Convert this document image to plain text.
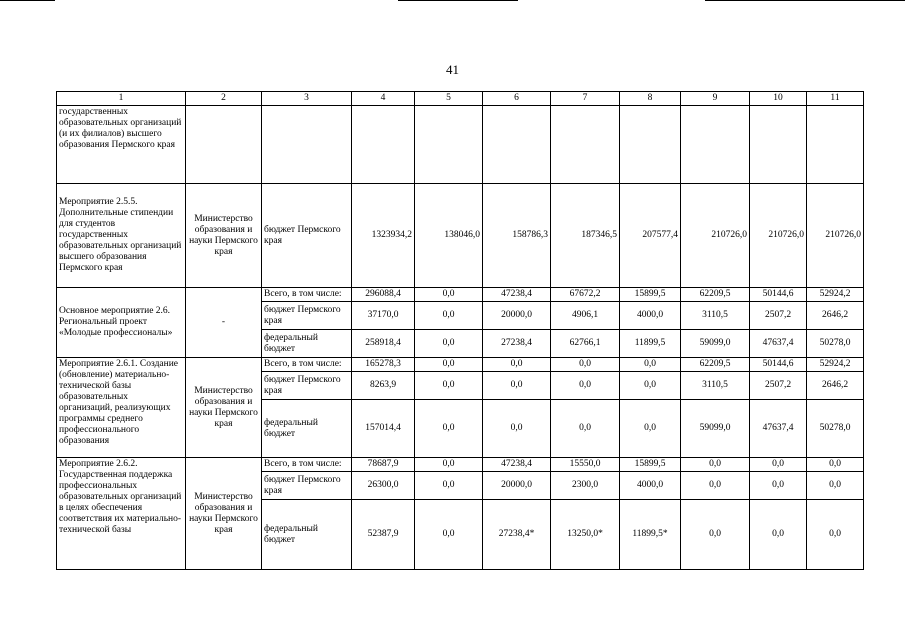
41
1	2	3	4	5	6	7	8	9	10	11
государственных образовательных организаций (и их филиалов) высшего образования Пермского края										
Мероприятие 2.5.5. Дополнительные стипендии для студентов государственных образовательных организаций высшего образования Пермского края	Министерство образования и науки Пермского края	бюджет Пермского края	1323934,2	138046,0	158786,3	187346,5	207577,4	210726,0	210726,0	210726,0
Основное мероприятие 2.6. Региональный проект «Молодые профессионалы»	-	Всего, в том числе:	296088,4	0,0	47238,4	67672,2	15899,5	62209,5	50144,6	52924,2
		бюджет Пермского края	37170,0	0,0	20000,0	4906,1	4000,0	3110,5	2507,2	2646,2
		федеральный бюджет	258918,4	0,0	27238,4	62766,1	11899,5	59099,0	47637,4	50278,0
Мероприятие 2.6.1. Создание (обновление) материально-технической базы образовательных организаций, реализующих программы среднего профессионального образования	Министерство образования и науки Пермского края	Всего, в том числе:	165278,3	0,0	0,0	0,0	0,0	62209,5	50144,6	52924,2
		бюджет Пермского края	8263,9	0,0	0,0	0,0	0,0	3110,5	2507,2	2646,2
		федеральный бюджет	157014,4	0,0	0,0	0,0	0,0	59099,0	47637,4	50278,0
Мероприятие 2.6.2. Государственная поддержка профессиональных образовательных организаций в целях обеспечения соответствия их материально-технической базы	Министерство образования и науки Пермского края	Всего, в том числе:	78687,9	0,0	47238,4	15550,0	15899,5	0,0	0,0	0,0
		бюджет Пермского края	26300,0	0,0	20000,0	2300,0	4000,0	0,0	0,0	0,0
		федеральный бюджет	52387,9	0,0	27238,4*	13250,0*	11899,5*	0,0	0,0	0,0
